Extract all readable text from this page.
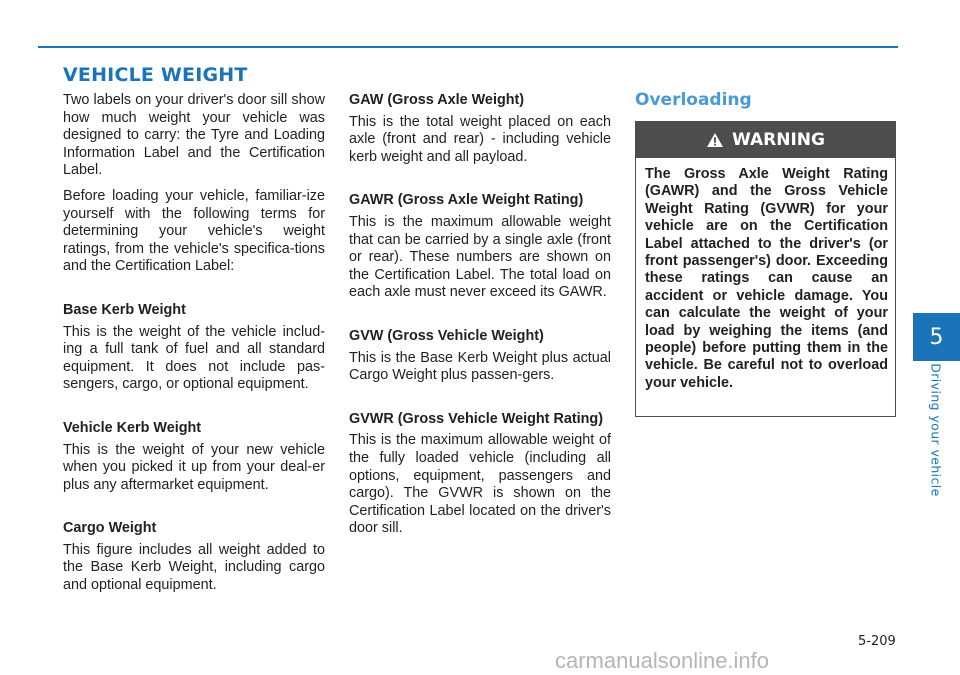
VEHICLE WEIGHT

Two labels on your driver's door sill show how much weight your vehicle was designed to carry: the Tyre and Loading Information Label and the Certification Label.

Before loading your vehicle, familiar-ize yourself with the following terms for determining your vehicle's weight ratings, from the vehicle's specifica-tions and the Certification Label:

Base Kerb Weight

This is the weight of the vehicle includ-ing a full tank of fuel and all standard equipment. It does not include pas-sengers, cargo, or optional equipment.

Vehicle Kerb Weight

This is the weight of your new vehicle when you picked it up from your deal-er plus any aftermarket equipment.

Cargo Weight

This figure includes all weight added to the Base Kerb Weight, including cargo and optional equipment.

GAW (Gross Axle Weight)

This is the total weight placed on each axle (front and rear) - including vehicle kerb weight and all payload.

GAWR (Gross Axle Weight Rating)

This is the maximum allowable weight that can be carried by a single axle (front or rear). These numbers are shown on the Certification Label. The total load on each axle must never exceed its GAWR.

GVW (Gross Vehicle Weight)

This is the Base Kerb Weight plus actual Cargo Weight plus passen-gers.

GVWR (Gross Vehicle Weight Rating)

This is the maximum allowable weight of the fully loaded vehicle (including all options, equipment, passengers and cargo). The GVWR is shown on the Certification Label located on the driver's door sill.

Overloading
WARNING
The Gross Axle Weight Rating (GAWR) and the Gross Vehicle Weight Rating (GVWR) for your vehicle are on the Certification Label attached to the driver's (or front passenger's) door. Exceeding these ratings can cause an accident or vehicle damage. You can calculate the weight of your load by weighing the items (and people) before putting them in the vehicle. Be careful not to overload your vehicle.
5
Driving your vehicle
5-209
carmanualsonline.info
